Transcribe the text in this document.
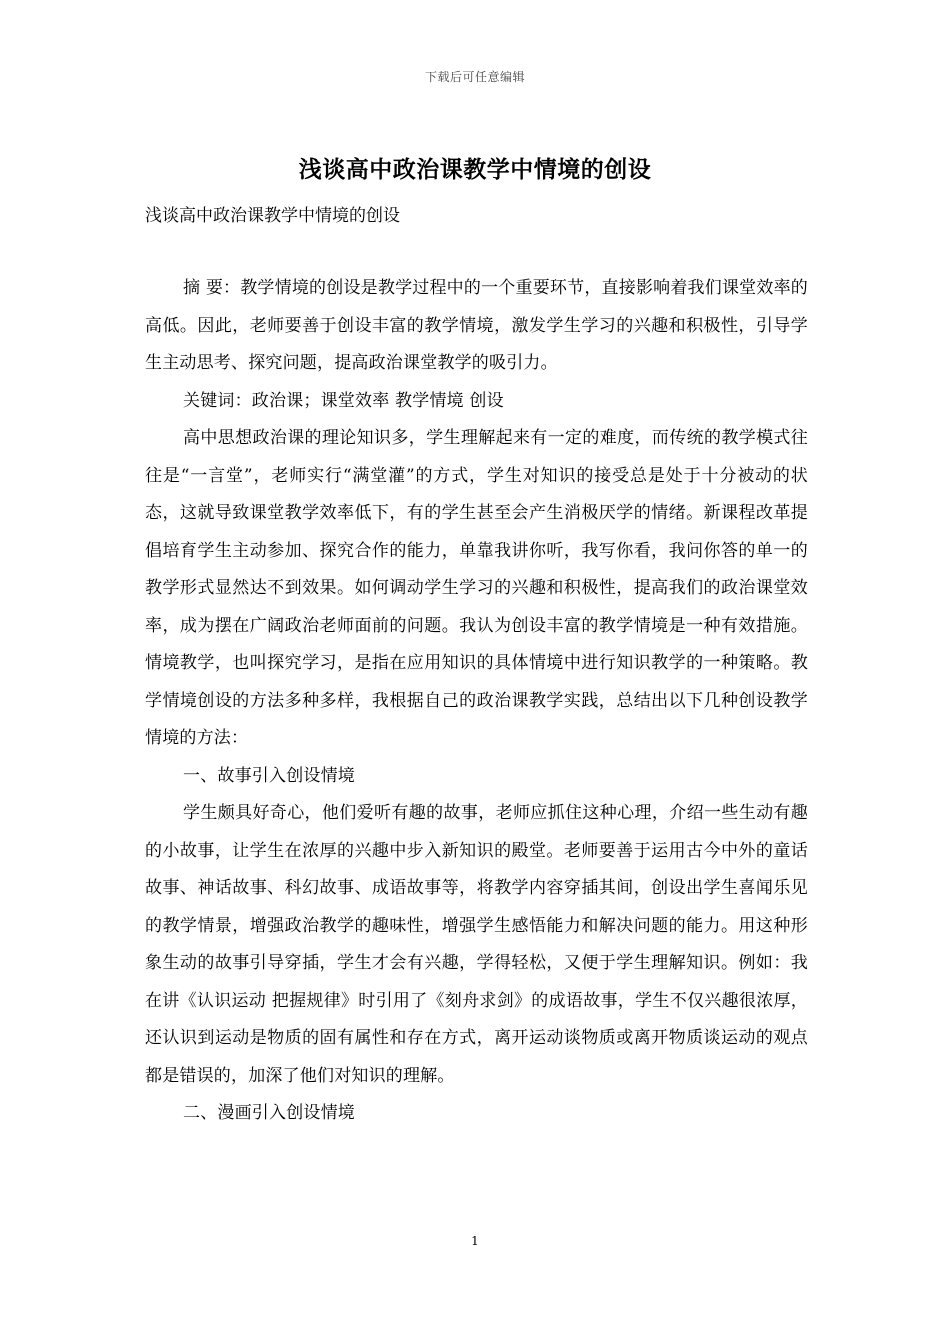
下载后可任意编辑
浅谈高中政治课教学中情境的创设

浅谈高中政治课教学中情境的创设

摘 要：教学情境的创设是教学过程中的一个重要环节，直接影响着我们课堂效率的高低。因此，老师要善于创设丰富的教学情境，激发学生学习的兴趣和积极性，引导学生主动思考、探究问题，提高政治课堂教学的吸引力。

关键词：政治课；课堂效率 教学情境 创设

高中思想政治课的理论知识多，学生理解起来有一定的难度，而传统的教学模式往往是“一言堂”，老师实行“满堂灌”的方式，学生对知识的接受总是处于十分被动的状态，这就导致课堂教学效率低下，有的学生甚至会产生消极厌学的情绪。新课程改革提倡培育学生主动参加、探究合作的能力，单靠我讲你听，我写你看，我问你答的单一的教学形式显然达不到效果。如何调动学生学习的兴趣和积极性，提高我们的政治课堂效率，成为摆在广阔政治老师面前的问题。我认为创设丰富的教学情境是一种有效措施。情境教学，也叫探究学习，是指在应用知识的具体情境中进行知识教学的一种策略。教学情境创设的方法多种多样，我根据自己的政治课教学实践，总结出以下几种创设教学情境的方法：

一、故事引入创设情境

学生颇具好奇心，他们爱听有趣的故事，老师应抓住这种心理，介绍一些生动有趣的小故事，让学生在浓厚的兴趣中步入新知识的殿堂。老师要善于运用古今中外的童话故事、神话故事、科幻故事、成语故事等，将教学内容穿插其间，创设出学生喜闻乐见的教学情景，增强政治教学的趣味性，增强学生感悟能力和解决问题的能力。用这种形象生动的故事引导穿插，学生才会有兴趣，学得轻松，又便于学生理解知识。例如：我在讲《认识运动 把握规律》时引用了《刻舟求剑》的成语故事，学生不仅兴趣很浓厚，还认识到运动是物质的固有属性和存在方式，离开运动谈物质或离开物质谈运动的观点都是错误的，加深了他们对知识的理解。

二、漫画引入创设情境

1
